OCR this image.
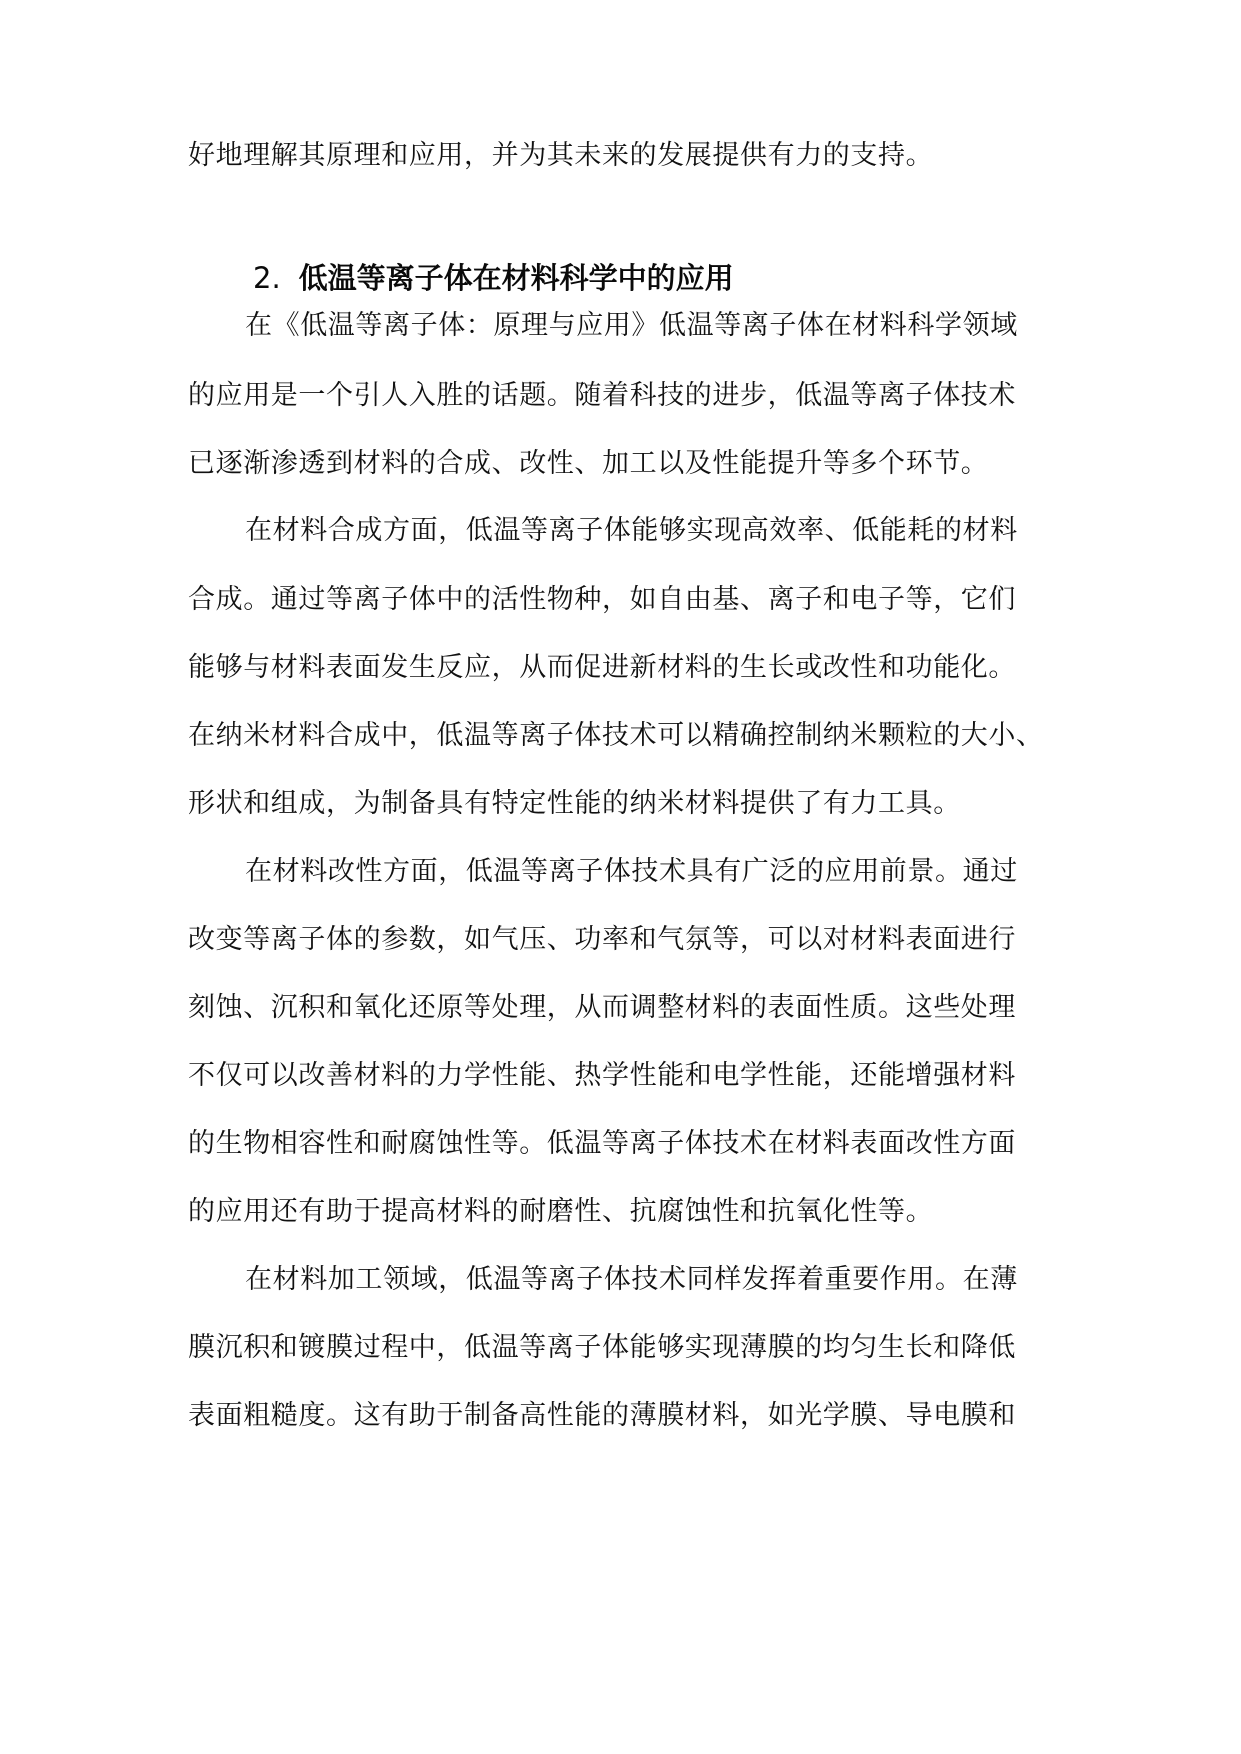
好地理解其原理和应用，并为其未来的发展提供有力的支持。
2. 低温等离子体在材料科学中的应用
在《低温等离子体：原理与应用》低温等离子体在材料科学领域
的应用是一个引人入胜的话题。随着科技的进步，低温等离子体技术
已逐渐渗透到材料的合成、改性、加工以及性能提升等多个环节。
在材料合成方面，低温等离子体能够实现高效率、低能耗的材料
合成。通过等离子体中的活性物种，如自由基、离子和电子等，它们
能够与材料表面发生反应，从而促进新材料的生长或改性和功能化。
在纳米材料合成中，低温等离子体技术可以精确控制纳米颗粒的大小、
形状和组成，为制备具有特定性能的纳米材料提供了有力工具。
在材料改性方面，低温等离子体技术具有广泛的应用前景。通过
改变等离子体的参数，如气压、功率和气氛等，可以对材料表面进行
刻蚀、沉积和氧化还原等处理，从而调整材料的表面性质。这些处理
不仅可以改善材料的力学性能、热学性能和电学性能，还能增强材料
的生物相容性和耐腐蚀性等。低温等离子体技术在材料表面改性方面
的应用还有助于提高材料的耐磨性、抗腐蚀性和抗氧化性等。
在材料加工领域，低温等离子体技术同样发挥着重要作用。在薄
膜沉积和镀膜过程中，低温等离子体能够实现薄膜的均匀生长和降低
表面粗糙度。这有助于制备高性能的薄膜材料，如光学膜、导电膜和
